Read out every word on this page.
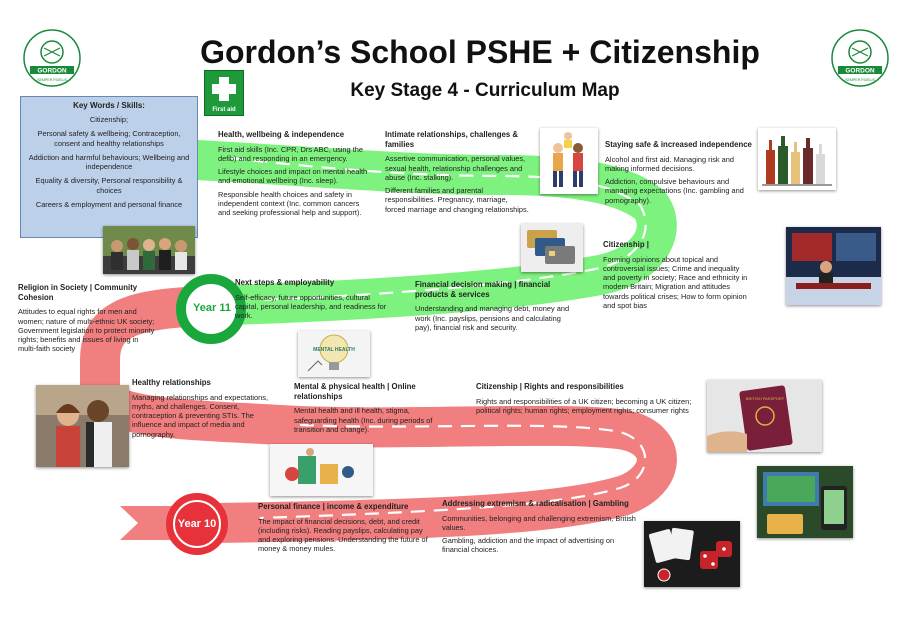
Year 11
Year 10
GORDON
SEMPER FIDELIS
GORDON
SEMPER FIDELIS
Gordon’s School PSHE + Citizenship
Key Stage 4 - Curriculum Map
Key Words / Skills:

Citizenship;

Personal safety & wellbeing; Contraception, consent and healthy relationships

Addiction and harmful behaviours; Wellbeing and independence

Equality & diversity, Personal responsibility & choices

Careers & employment and personal finance

First aid
Health, wellbeing & independence

First aid skills (Inc. CPR, Drs ABC, using the defib) and responding in an emergency.

Lifestyle choices and impact on mental health and emotional wellbeing (Inc. sleep).

Responsible health choices and safety in independent context (Inc. common cancers and seeking professional help and support).

Intimate relationships, challenges & families

Assertive communication, personal values, sexual health, relationship challenges and abuse (Inc. stalking).

Different families and parental responsibilities. Pregnancy, marriage, forced marriage and changing relationships.

Staying safe & increased independence

Alcohol and first aid. Managing risk and making informed decisions.

Addiction, compulsive behaviours and managing expectations (Inc. gambling and pornography).

Citizenship |

Forming opinions about topical and controversial issues; Crime and inequality and poverty in society; Race and ethnicity in modern Britain; Migration and attitudes towards political crises; How to form opinion and spot bias

Religion in Society | Community Cohesion

Attitudes to equal rights for men and women; nature of multi-ethnic UK society; Government legislation to protect minority rights; benefits and issues of living in multi-faith society

Next steps & employability

Self-efficacy, future opportunities, cultural capital, personal leadership, and readiness for work.

Financial decision making | financial products & services

Understanding and managing debt, money and work (Inc. payslips, pensions and calculating pay), financial risk and security.

Healthy relationships

Managing relationships and expectations, myths, and challenges. Consent, contraception & preventing STIs. The influence and impact of media and pornography.

Mental & physical health | Online relationships

Mental health and ill health, stigma, safeguarding health (Inc. during periods of transition and change).

Citizenship | Rights and responsibilities

Rights and responsibilities of a UK citizen; becoming a UK citizen; political rights; human rights; employment rights; consumer rights

Personal finance | income & expenditure

The impact of financial decisions, debt, and credit (including risks). Reading payslips, calculating pay and exploring pensions. Understanding the future of money & money mules.

Addressing extremism & radicalisation | Gambling

Communities, belonging and challenging extremism, British values.

Gambling, addiction and the impact of advertising on financial choices.

MENTAL HEALTH
BRITISH PASSPORT
